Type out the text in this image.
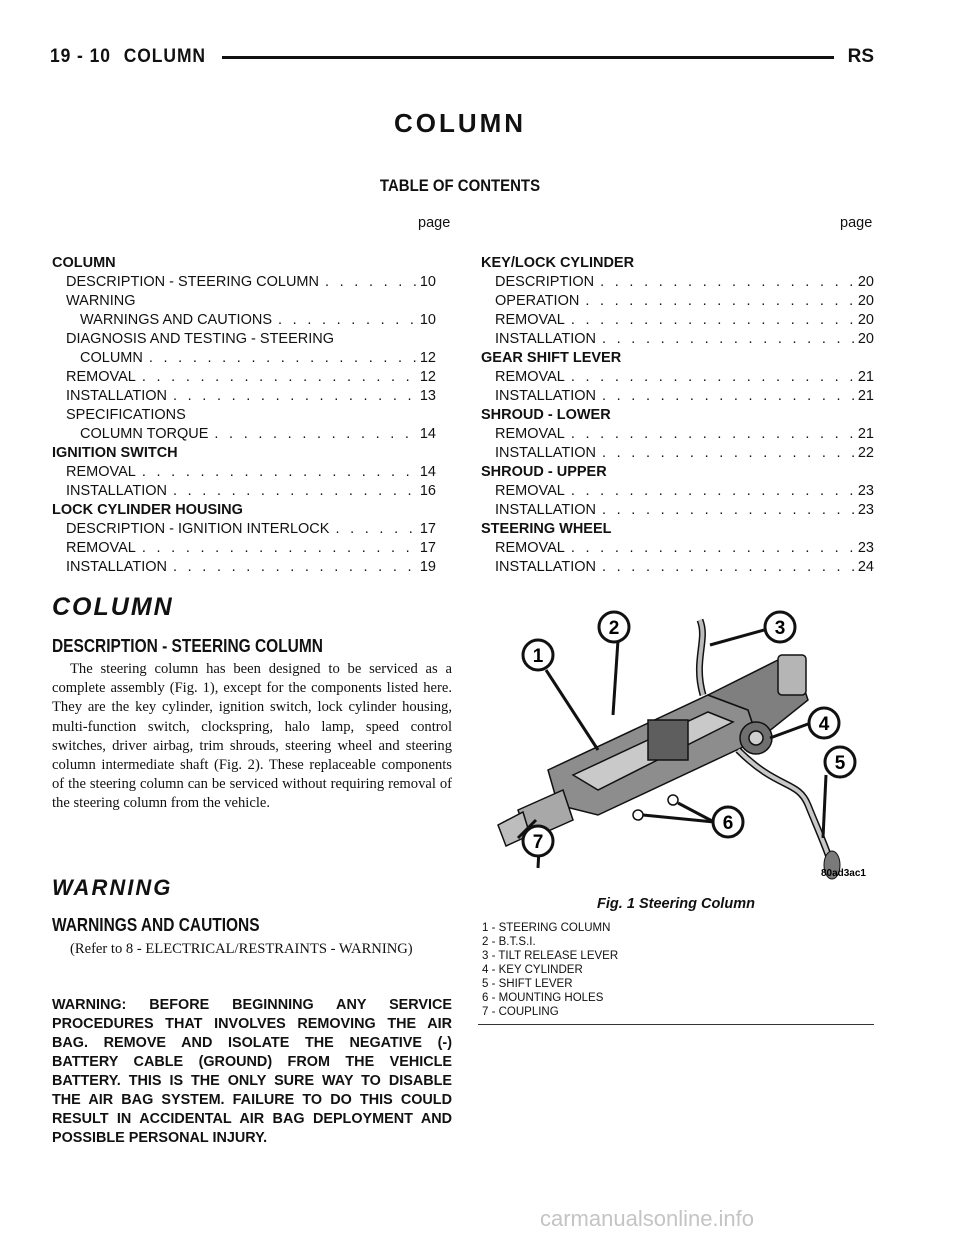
19 - 10 COLUMN	RS
COLUMN
TABLE OF CONTENTS
page	page
COLUMN
DESCRIPTION - STEERING COLUMN . . .	10
WARNING
WARNINGS AND CAUTIONS . . .	10
DIAGNOSIS AND TESTING - STEERING
COLUMN . . .	12
REMOVAL . . .	12
INSTALLATION . . .	13
SPECIFICATIONS
COLUMN TORQUE . . .	14
IGNITION SWITCH
REMOVAL . . .	14
INSTALLATION . . .	16
LOCK CYLINDER HOUSING
DESCRIPTION - IGNITION INTERLOCK . . .	17
REMOVAL . . .	17
INSTALLATION . . .	19
KEY/LOCK CYLINDER
DESCRIPTION . . .	20
OPERATION . . .	20
REMOVAL . . .	20
INSTALLATION . . .	20
GEAR SHIFT LEVER
REMOVAL . . .	21
INSTALLATION . . .	21
SHROUD - LOWER
REMOVAL . . .	21
INSTALLATION . . .	22
SHROUD - UPPER
REMOVAL . . .	23
INSTALLATION . . .	23
STEERING WHEEL
REMOVAL . . .	23
INSTALLATION . . .	24
COLUMN
DESCRIPTION - STEERING COLUMN
The steering column has been designed to be serviced as a complete assembly (Fig. 1), except for the components listed here. They are the key cylinder, ignition switch, lock cylinder housing, multi-function switch, clockspring, halo lamp, speed control switches, driver airbag, trim shrouds, steering wheel and steering column intermediate shaft (Fig. 2). These replaceable components of the steering column can be serviced without requiring removal of the steering column from the vehicle.
WARNING
WARNINGS AND CAUTIONS
(Refer to 8 - ELECTRICAL/RESTRAINTS - WARNING)
WARNING: BEFORE BEGINNING ANY SERVICE PROCEDURES THAT INVOLVES REMOVING THE AIR BAG. REMOVE AND ISOLATE THE NEGATIVE (-) BATTERY CABLE (GROUND) FROM THE VEHICLE BATTERY. THIS IS THE ONLY SURE WAY TO DISABLE THE AIR BAG SYSTEM. FAILURE TO DO THIS COULD RESULT IN ACCIDENTAL AIR BAG DEPLOYMENT AND POSSIBLE PERSONAL INJURY.
1
2	3
4
5
6
7
80ad3ac1
Fig. 1 Steering Column
1 - STEERING COLUMN
2 - B.T.S.I.
3 - TILT RELEASE LEVER
4 - KEY CYLINDER
5 - SHIFT LEVER
6 - MOUNTING HOLES
7 - COUPLING
carmanualsonline.info
